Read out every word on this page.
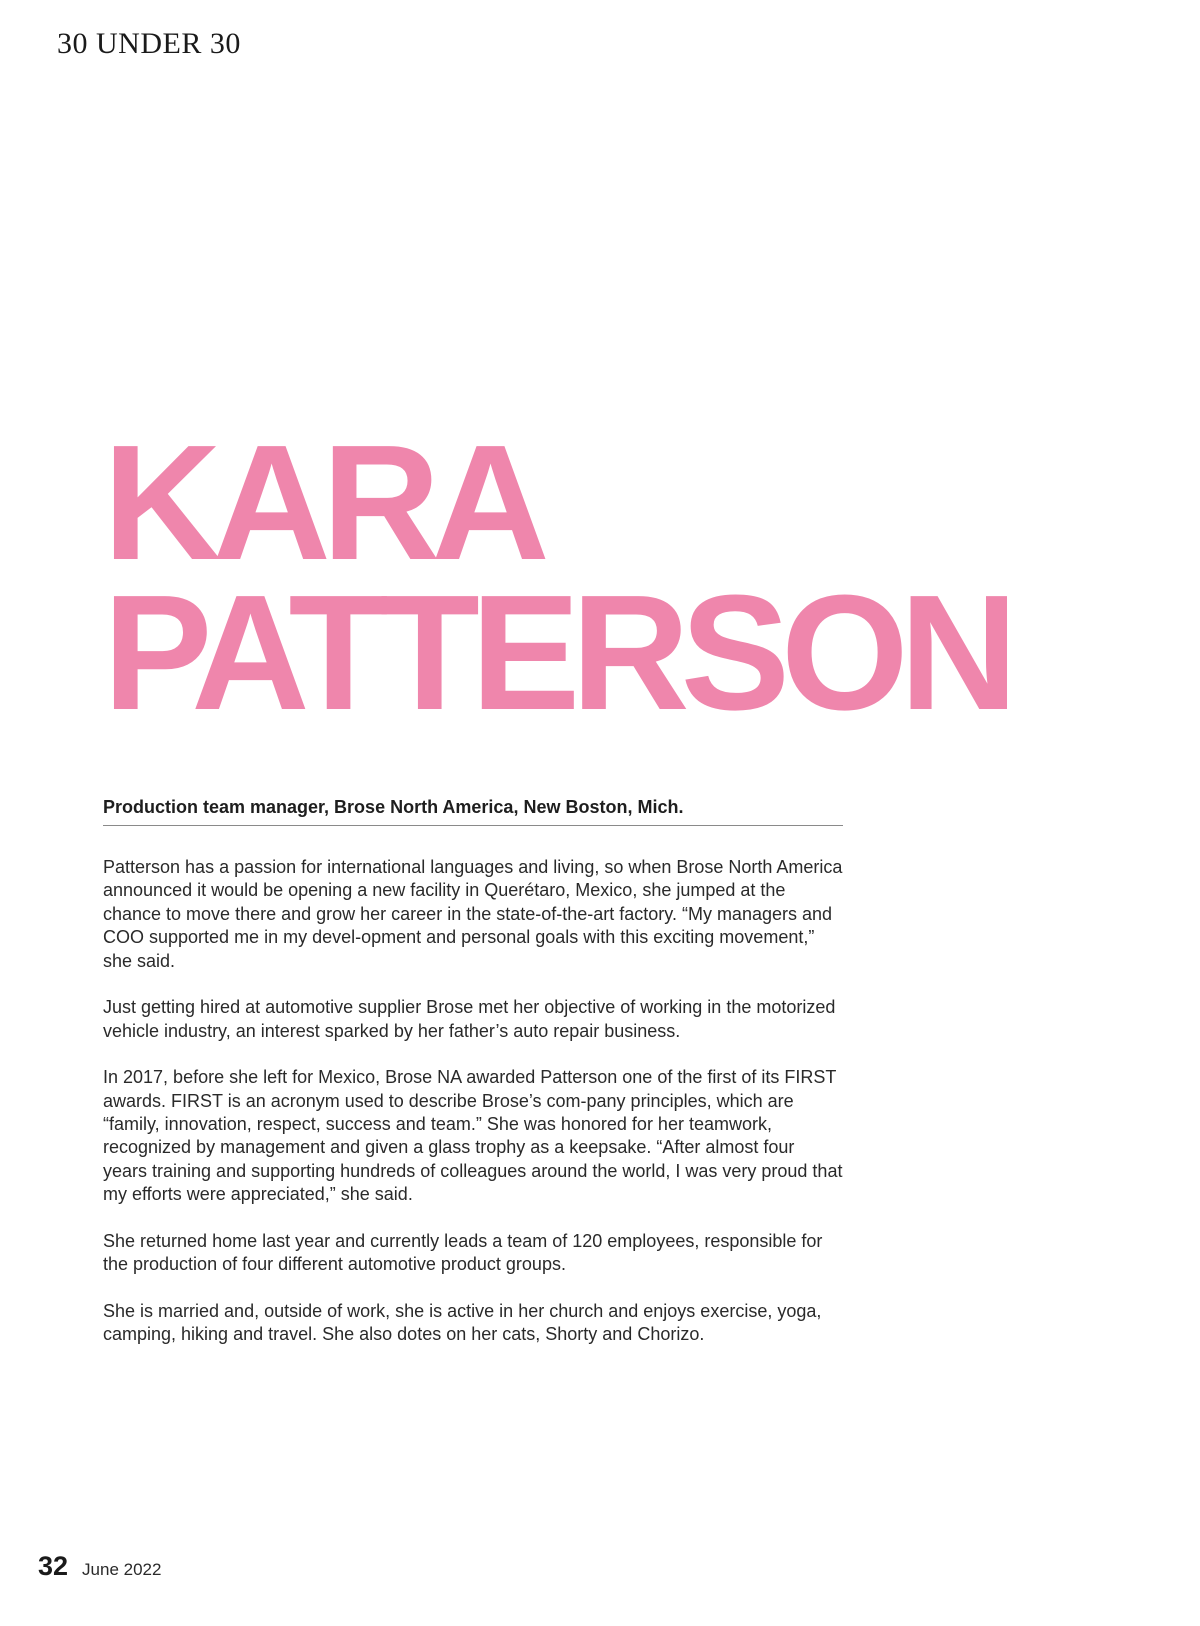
30 UNDER 30
KARA
PATTERSON
Production team manager, Brose North America, New Boston, Mich.

Patterson has a passion for international languages and living, so when Brose North America announced it would be opening a new facility in Querétaro, Mexico, she jumped at the chance to move there and grow her career in the state-of-the-art factory. “My managers and COO supported me in my devel-opment and personal goals with this exciting movement,” she said.

Just getting hired at automotive supplier Brose met her objective of working in the motorized vehicle industry, an interest sparked by her father’s auto repair business.

In 2017, before she left for Mexico, Brose NA awarded Patterson one of the first of its FIRST awards. FIRST is an acronym used to describe Brose’s com-pany principles, which are “family, innovation, respect, success and team.” She was honored for her teamwork, recognized by management and given a glass trophy as a keepsake. “After almost four years training and supporting hundreds of colleagues around the world, I was very proud that my efforts were appreciated,” she said.

She returned home last year and currently leads a team of 120 employees, responsible for the production of four different automotive product groups.

She is married and, outside of work, she is active in her church and enjoys exercise, yoga, camping, hiking and travel. She also dotes on her cats, Shorty and Chorizo.

32 June 2022
